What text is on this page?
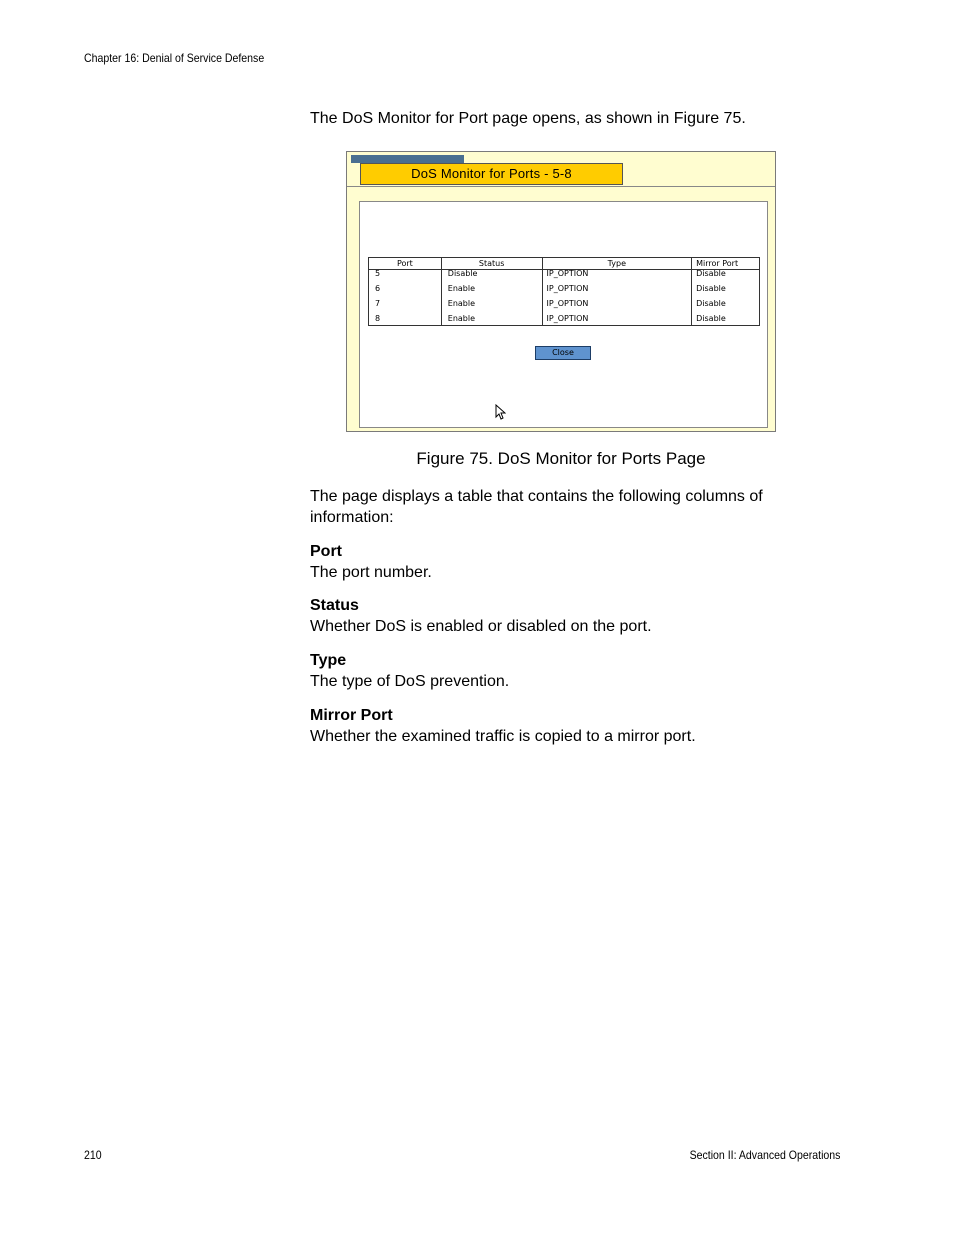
Chapter 16: Denial of Service Defense
The DoS Monitor for Port page opens, as shown in Figure 75.
DoS Monitor for Ports - 5-8
Port	Status	Type	Mirror Port
5	Disable	IP_OPTION	Disable
6	Enable	IP_OPTION	Disable
7	Enable	IP_OPTION	Disable
8	Enable	IP_OPTION	Disable
Close
Figure 75. DoS Monitor for Ports Page
The page displays a table that contains the following columns of information:
Port
The port number.
Status
Whether DoS is enabled or disabled on the port.
Type
The type of DoS prevention.
Mirror Port
Whether the examined traffic is copied to a mirror port.
210	Section II: Advanced Operations
